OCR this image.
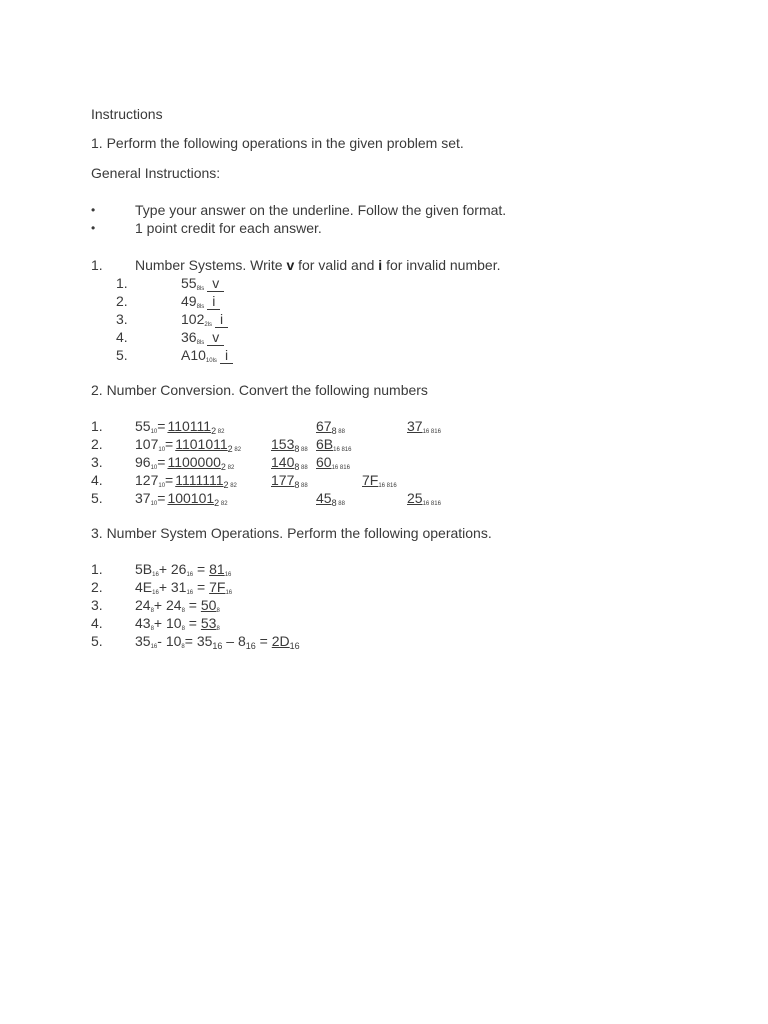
Instructions
1. Perform the following operations in the given problem set.
General Instructions:
•	Type your answer on the underline. Follow the given format.
•	1 point credit for each answer.
1. Number Systems. Write v for valid and i for invalid number.
1.	$55_{8ls}$ v
2.	$49_{8ls}$ i
3.	$102_{2ls}$ i
4.	$36_{8ls}$ v
5.	$A10_{10ls}$ i
2. Number Conversion. Convert the following numbers
1. $55_{10}= 110111_2$ $_{82}$	$67_8$ $_{88}$	$37_{16 816}$
2. $107_{10}= 1101011_2$ $_{82}$ $153_8$ $_{88}$ $6B_{16 816}$
3. $96_{10}= 1100000_2$ $_{82}$	$140_8$ $_{88}$ $60_{16 816}$
4. $127_{10}= 1111111_2$ $_{82}$ $177_8$ $_{88}$	$7F_{16 816}$
5. $37_{10}= 100101_2$ $_{82}$	$45_8$ $_{88}$	$25_{16 816}$
3. Number System Operations. Perform the following operations.
1. $5B_{16}+ 26_{16} = 81_{16}$
2. $4E_{16}+ 31_{16} = 7F_{16}$
3. $24_8+ 24_8 = 50_8$
4. $43_8+ 10_8 = 53_8$
5. $35_{16}-$ $10_8= 35_{16} - 8_{16} = 2D_{16}$
